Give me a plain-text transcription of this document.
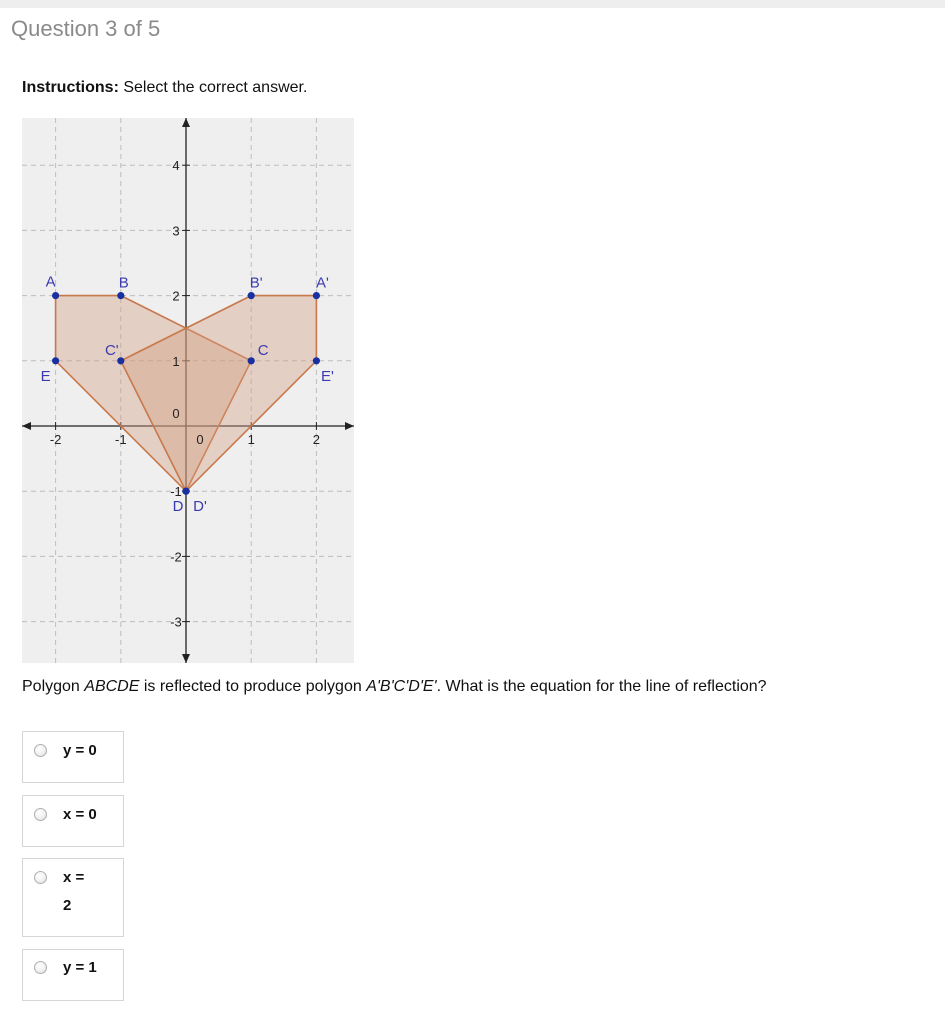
Question 3 of 5
Instructions: Select the correct answer.
-2	-1	0	1	2
4
3
2
1
0
-1
-2
-3
A	B
C
D
E
A'
B'
C'
D'
E'
Polygon ABCDE is reflected to produce polygon A'B'C'D'E'. What is the equation for the line of reflection?
y = 0
x = 0
x =
2
y = 1
